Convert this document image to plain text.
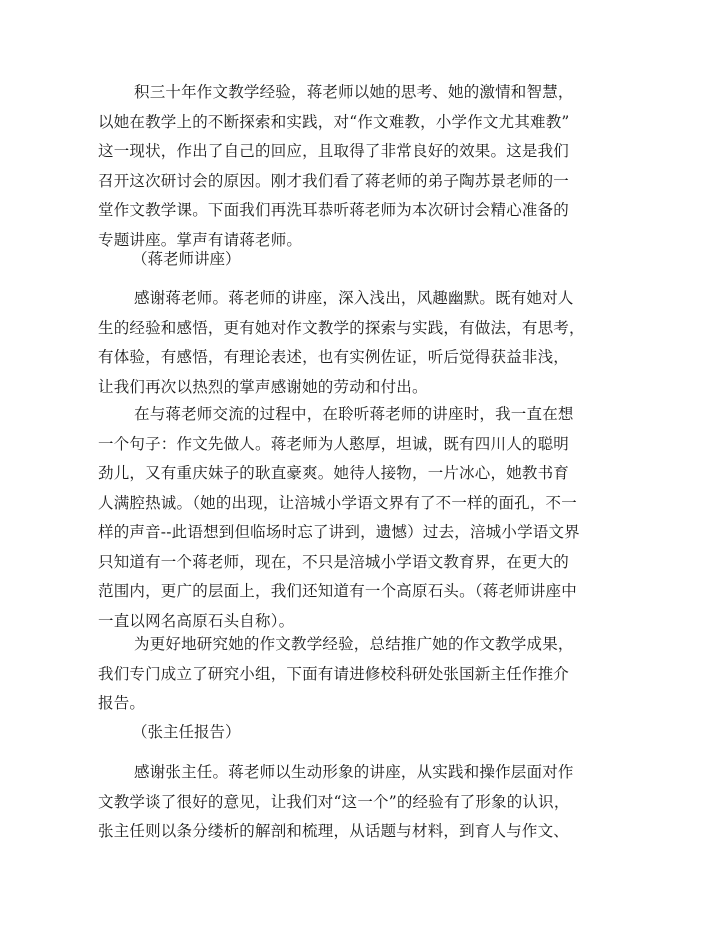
积三十年作文教学经验，蒋老师以她的思考、她的激情和智慧，
以她在教学上的不断探索和实践，对“作文难教，小学作文尤其难教”
这一现状，作出了自己的回应，且取得了非常良好的效果。这是我们
召开这次研讨会的原因。刚才我们看了蒋老师的弟子陶苏景老师的一
堂作文教学课。下面我们再洗耳恭听蒋老师为本次研讨会精心准备的
专题讲座。掌声有请蒋老师。

（蒋老师讲座）

感谢蒋老师。蒋老师的讲座，深入浅出，风趣幽默。既有她对人
生的经验和感悟，更有她对作文教学的探索与实践，有做法，有思考，
有体验，有感悟，有理论表述，也有实例佐证，听后觉得获益非浅，
让我们再次以热烈的掌声感谢她的劳动和付出。

在与蒋老师交流的过程中，在聆听蒋老师的讲座时，我一直在想
一个句子：作文先做人。蒋老师为人憨厚，坦诚，既有四川人的聪明
劲儿，又有重庆妹子的耿直豪爽。她待人接物，一片冰心，她教书育
人满腔热诚。（她的出现，让涪城小学语文界有了不一样的面孔，不一
样的声音--此语想到但临场时忘了讲到，遗憾）过去，涪城小学语文界
只知道有一个蒋老师，现在，不只是涪城小学语文教育界，在更大的
范围内，更广的层面上，我们还知道有一个高原石头。（蒋老师讲座中
一直以网名高原石头自称）。

为更好地研究她的作文教学经验，总结推广她的作文教学成果，
我们专门成立了研究小组，下面有请进修校科研处张国新主任作推介
报告。

（张主任报告）

感谢张主任。蒋老师以生动形象的讲座，从实践和操作层面对作
文教学谈了很好的意见，让我们对“这一个”的经验有了形象的认识，
张主任则以条分缕析的解剖和梳理，从话题与材料，到育人与作文、
